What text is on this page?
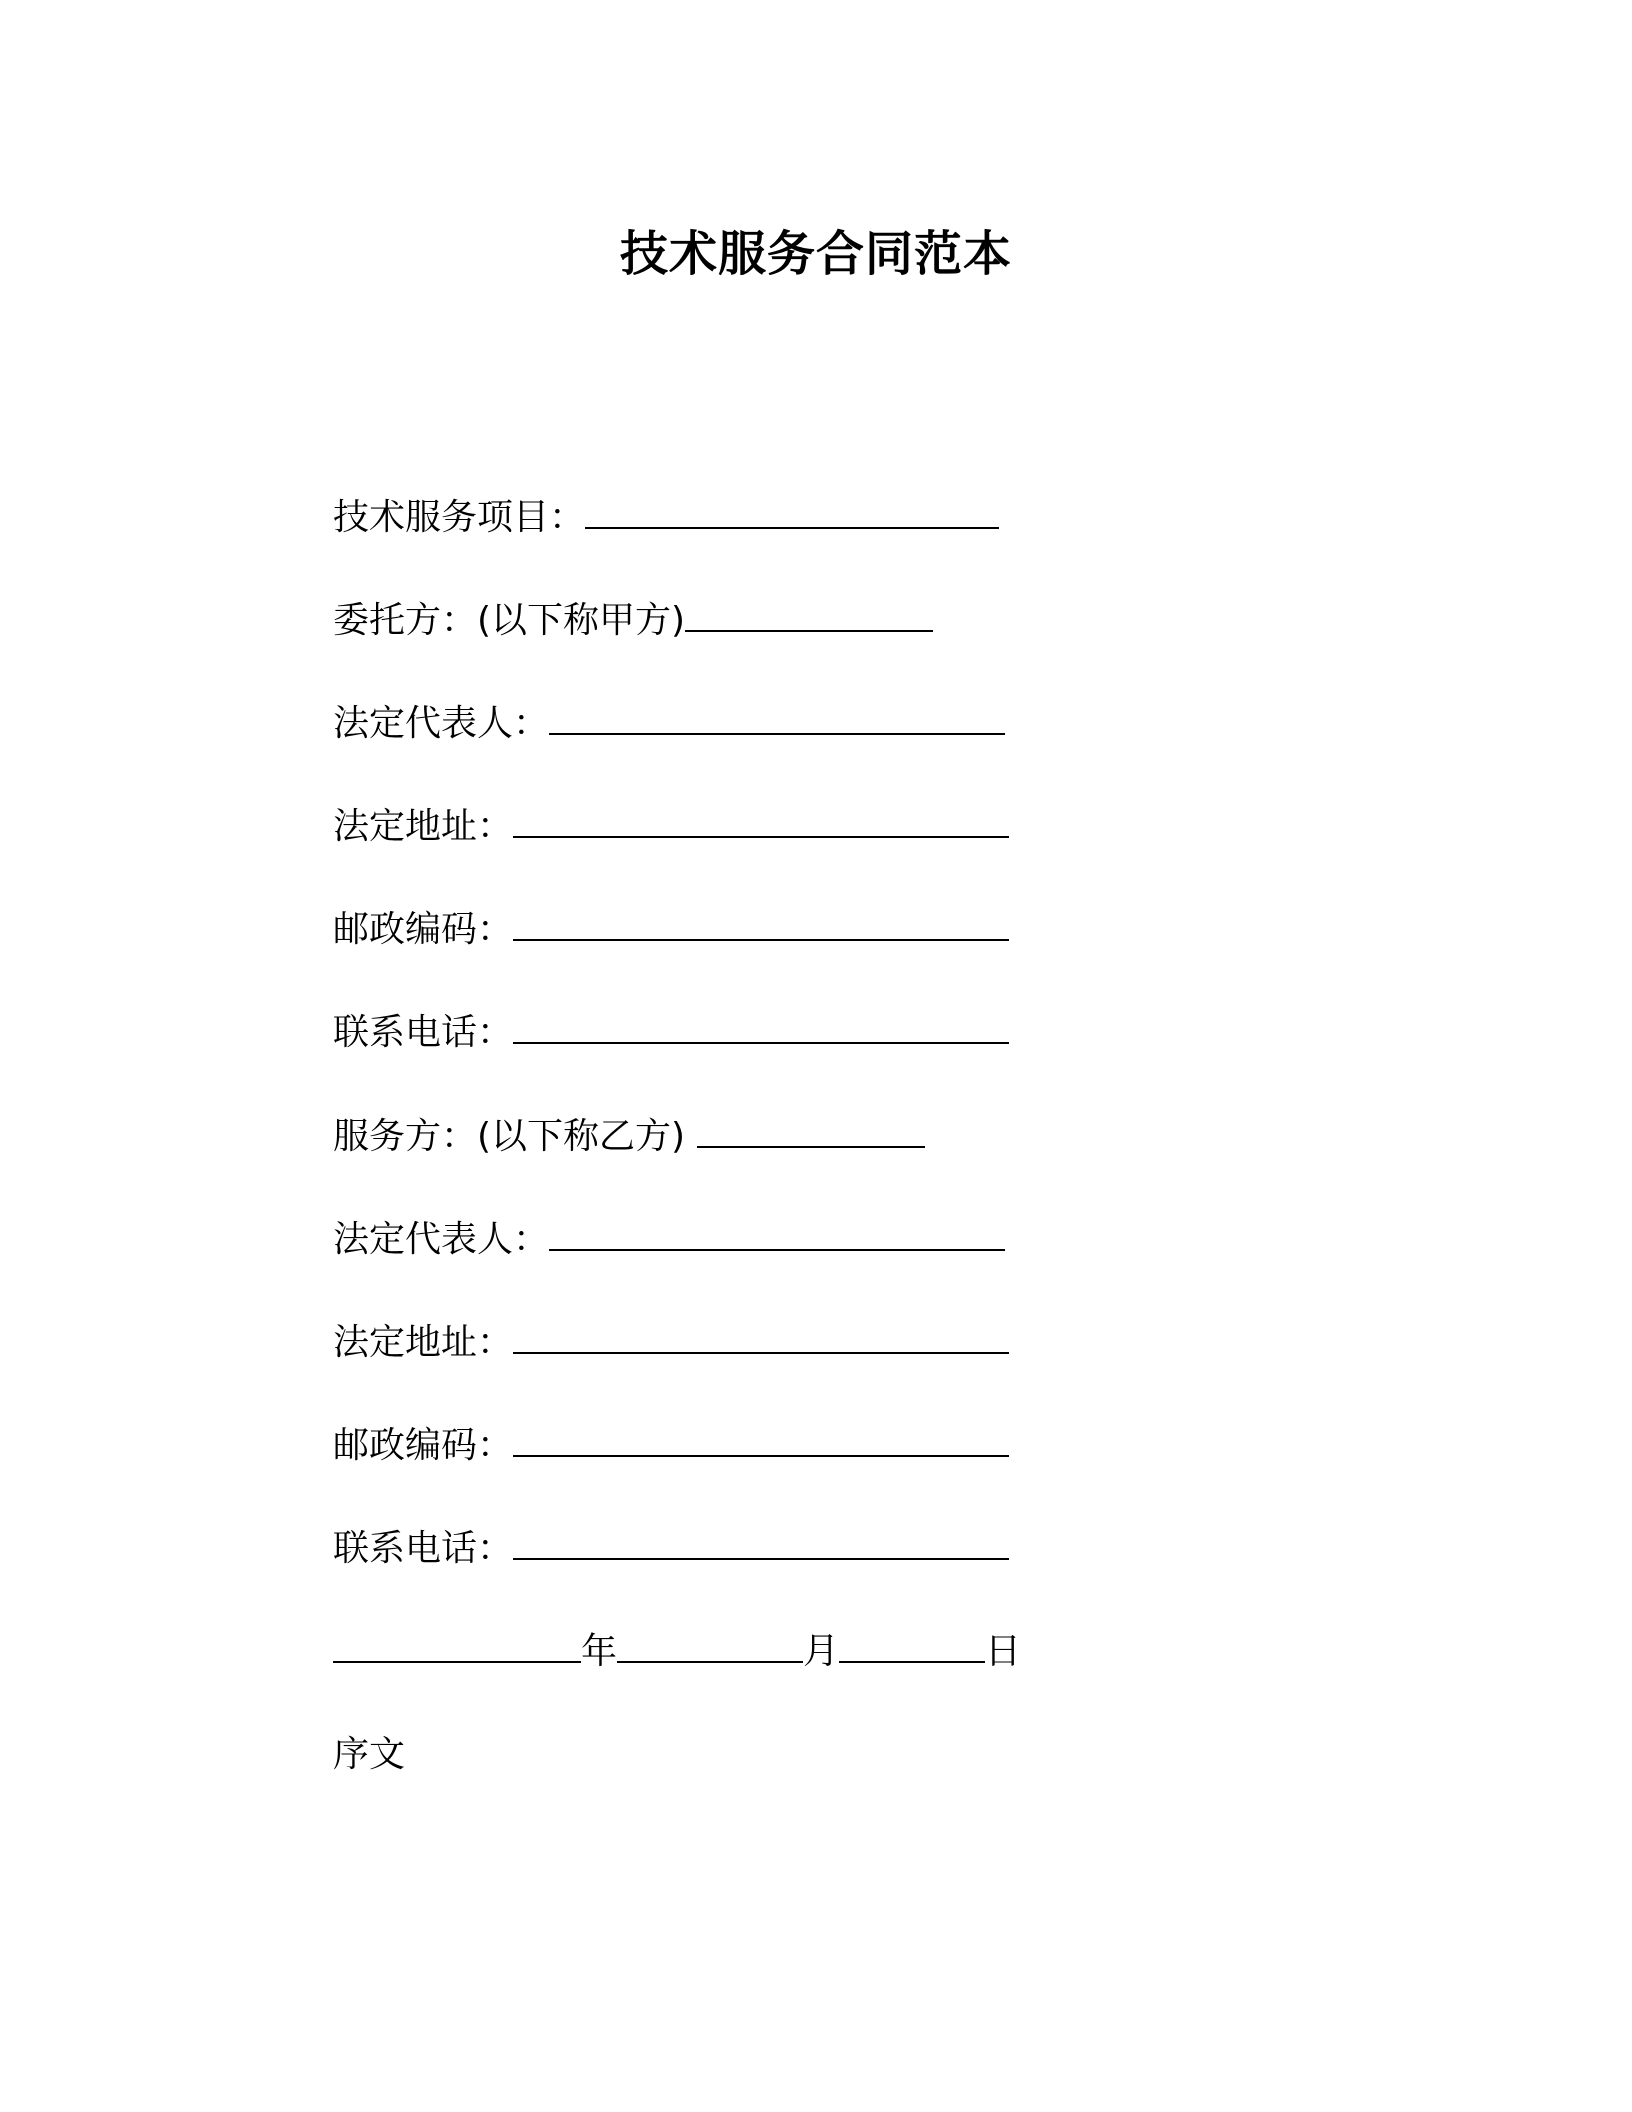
技术服务合同范本
技术服务项目：
委托方：(以下称甲方)
法定代表人：
法定地址：
邮政编码：
联系电话：
服务方：(以下称乙方)
法定代表人：
法定地址：
邮政编码：
联系电话：
年	月	日
序文
